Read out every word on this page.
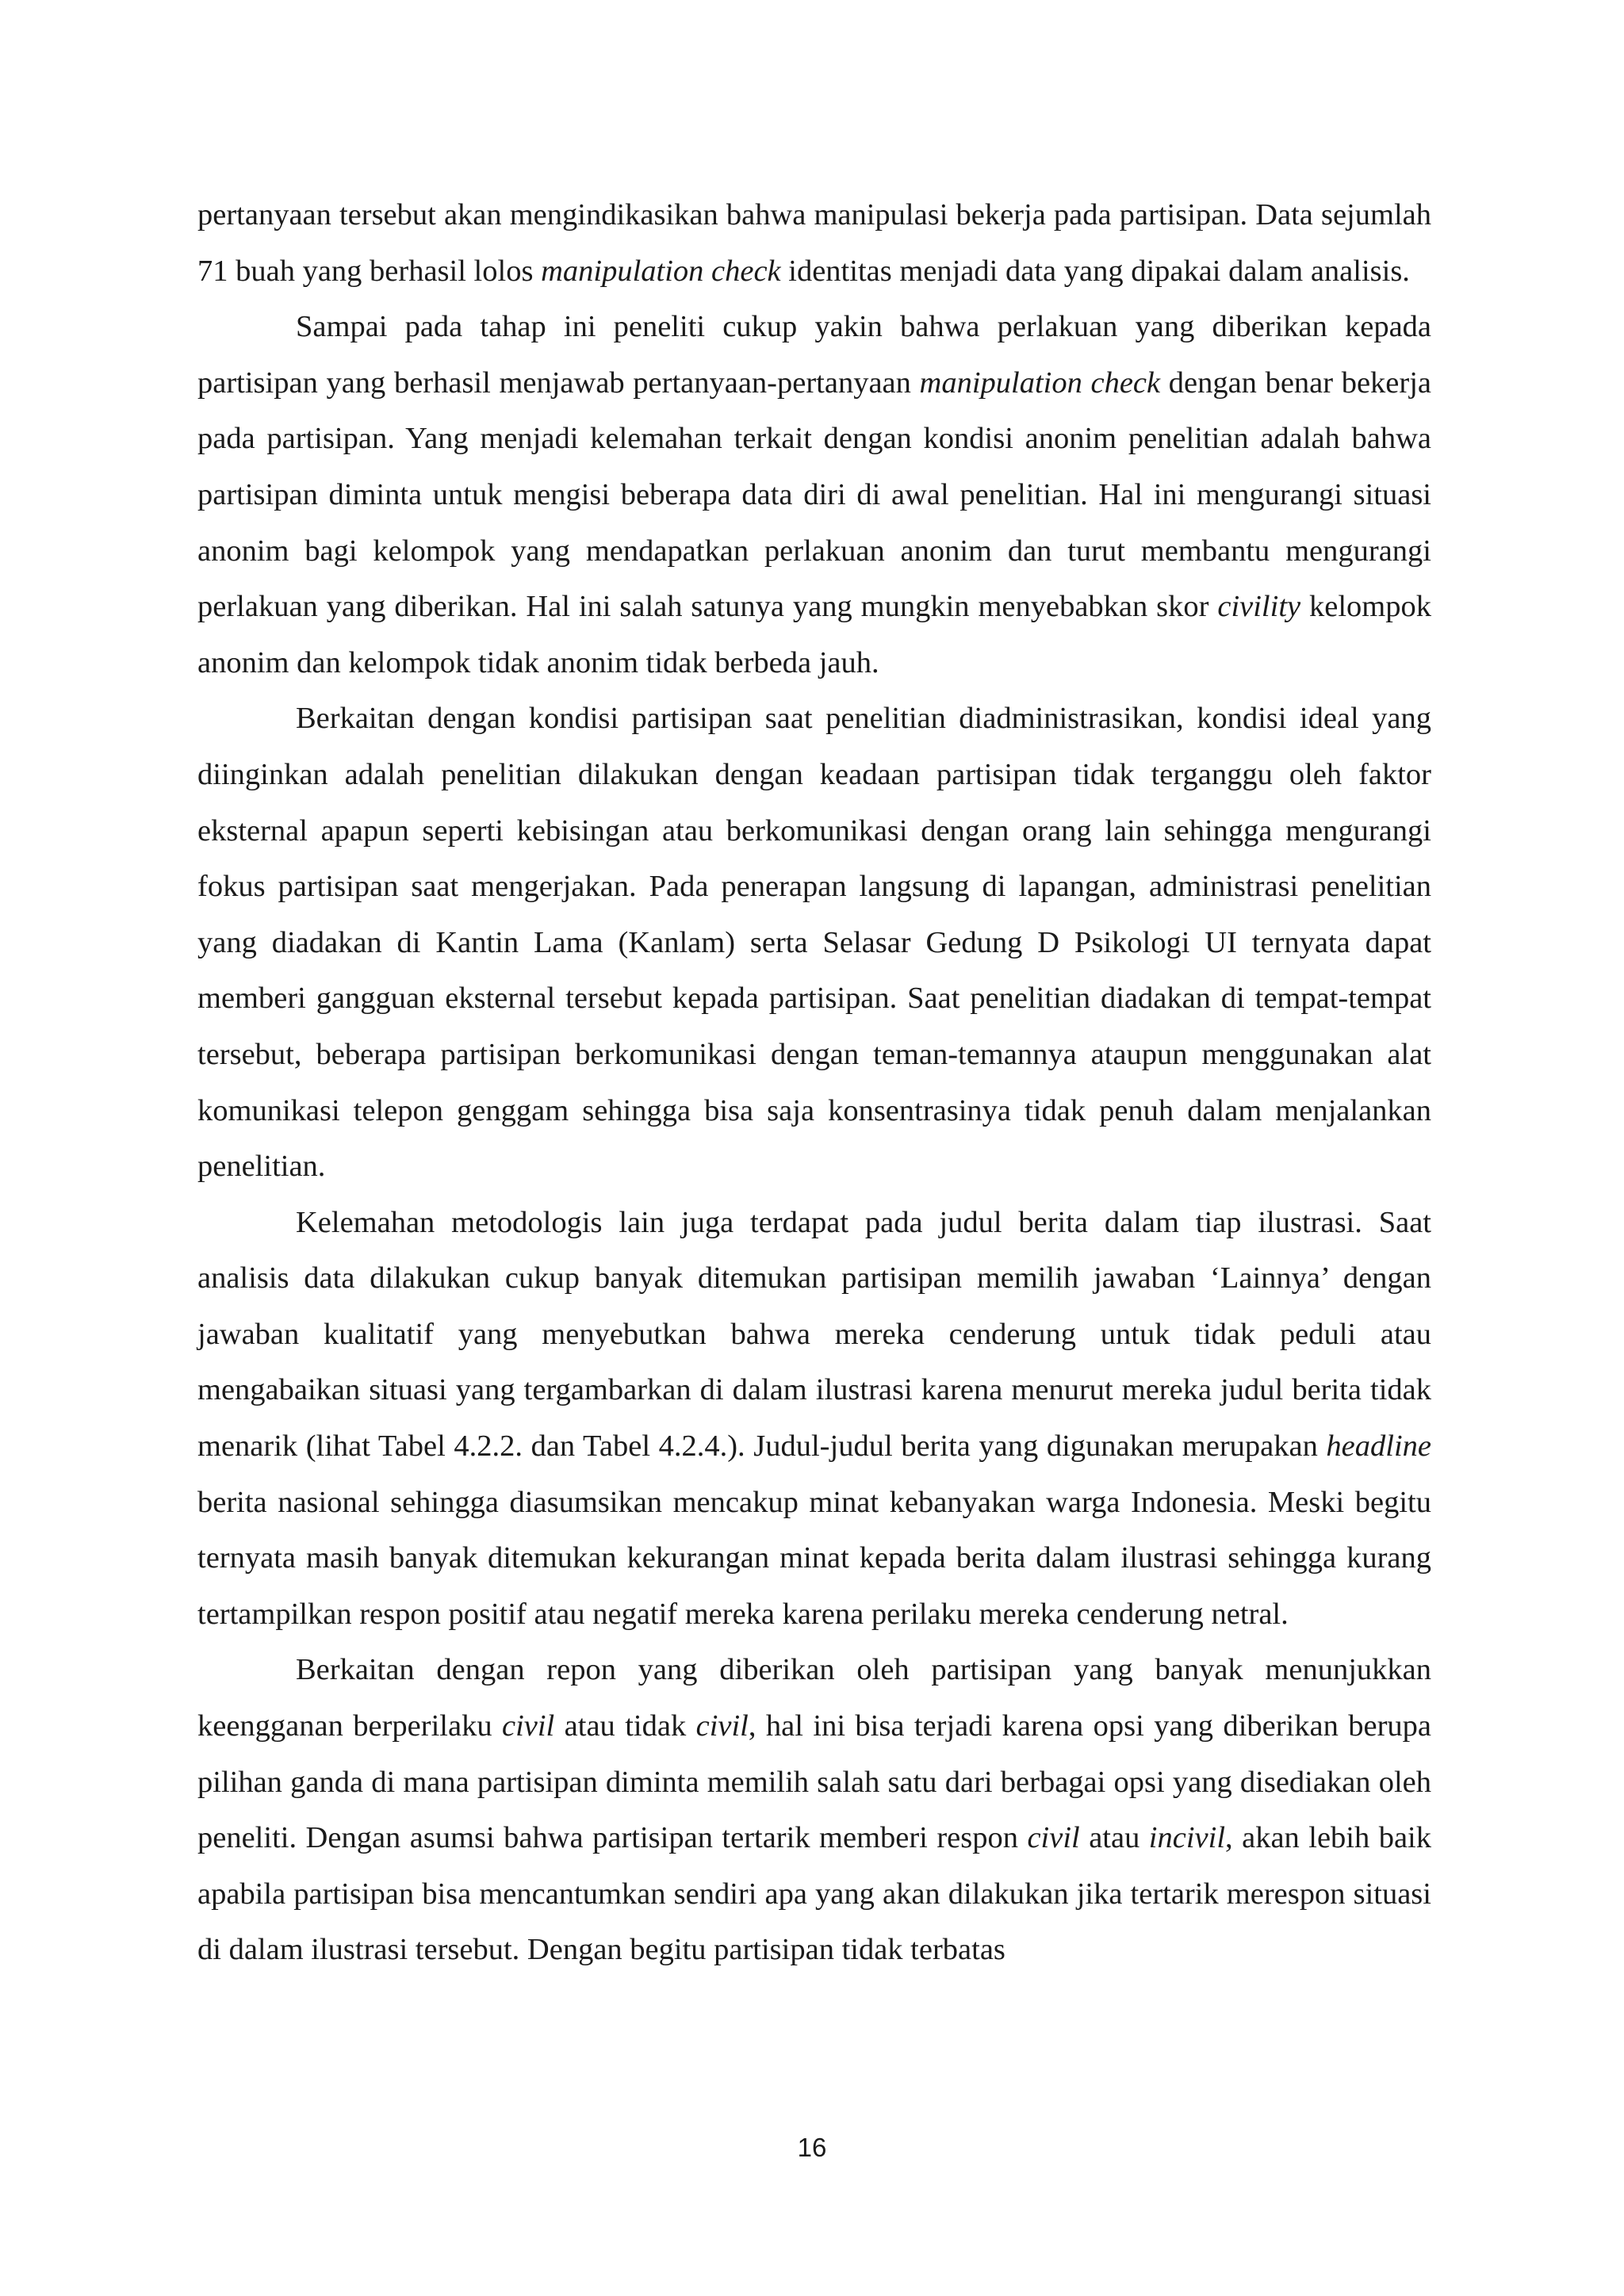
pertanyaan tersebut akan mengindikasikan bahwa manipulasi bekerja pada partisipan. Data sejumlah 71 buah yang berhasil lolos manipulation check identitas menjadi data yang dipakai dalam analisis.

Sampai pada tahap ini peneliti cukup yakin bahwa perlakuan yang diberikan kepada partisipan yang berhasil menjawab pertanyaan-pertanyaan manipulation check dengan benar bekerja pada partisipan. Yang menjadi kelemahan terkait dengan kondisi anonim penelitian adalah bahwa partisipan diminta untuk mengisi beberapa data diri di awal penelitian. Hal ini mengurangi situasi anonim bagi kelompok yang mendapatkan perlakuan anonim dan turut membantu mengurangi perlakuan yang diberikan. Hal ini salah satunya yang mungkin menyebabkan skor civility kelompok anonim dan kelompok tidak anonim tidak berbeda jauh.

Berkaitan dengan kondisi partisipan saat penelitian diadministrasikan, kondisi ideal yang diinginkan adalah penelitian dilakukan dengan keadaan partisipan tidak terganggu oleh faktor eksternal apapun seperti kebisingan atau berkomunikasi dengan orang lain sehingga mengurangi fokus partisipan saat mengerjakan. Pada penerapan langsung di lapangan, administrasi penelitian yang diadakan di Kantin Lama (Kanlam) serta Selasar Gedung D Psikologi UI ternyata dapat memberi gangguan eksternal tersebut kepada partisipan. Saat penelitian diadakan di tempat-tempat tersebut, beberapa partisipan berkomunikasi dengan teman-temannya ataupun menggunakan alat komunikasi telepon genggam sehingga bisa saja konsentrasinya tidak penuh dalam menjalankan penelitian.

Kelemahan metodologis lain juga terdapat pada judul berita dalam tiap ilustrasi. Saat analisis data dilakukan cukup banyak ditemukan partisipan memilih jawaban ‘Lainnya’ dengan jawaban kualitatif yang menyebutkan bahwa mereka cenderung untuk tidak peduli atau mengabaikan situasi yang tergambarkan di dalam ilustrasi karena menurut mereka judul berita tidak menarik (lihat Tabel 4.2.2. dan Tabel 4.2.4.). Judul-judul berita yang digunakan merupakan headline berita nasional sehingga diasumsikan mencakup minat kebanyakan warga Indonesia. Meski begitu ternyata masih banyak ditemukan kekurangan minat kepada berita dalam ilustrasi sehingga kurang tertampilkan respon positif atau negatif mereka karena perilaku mereka cenderung netral.

Berkaitan dengan repon yang diberikan oleh partisipan yang banyak menunjukkan keengganan berperilaku civil atau tidak civil, hal ini bisa terjadi karena opsi yang diberikan berupa pilihan ganda di mana partisipan diminta memilih salah satu dari berbagai opsi yang disediakan oleh peneliti. Dengan asumsi bahwa partisipan tertarik memberi respon civil atau incivil, akan lebih baik apabila partisipan bisa mencantumkan sendiri apa yang akan dilakukan jika tertarik merespon situasi di dalam ilustrasi tersebut. Dengan begitu partisipan tidak terbatas

16
